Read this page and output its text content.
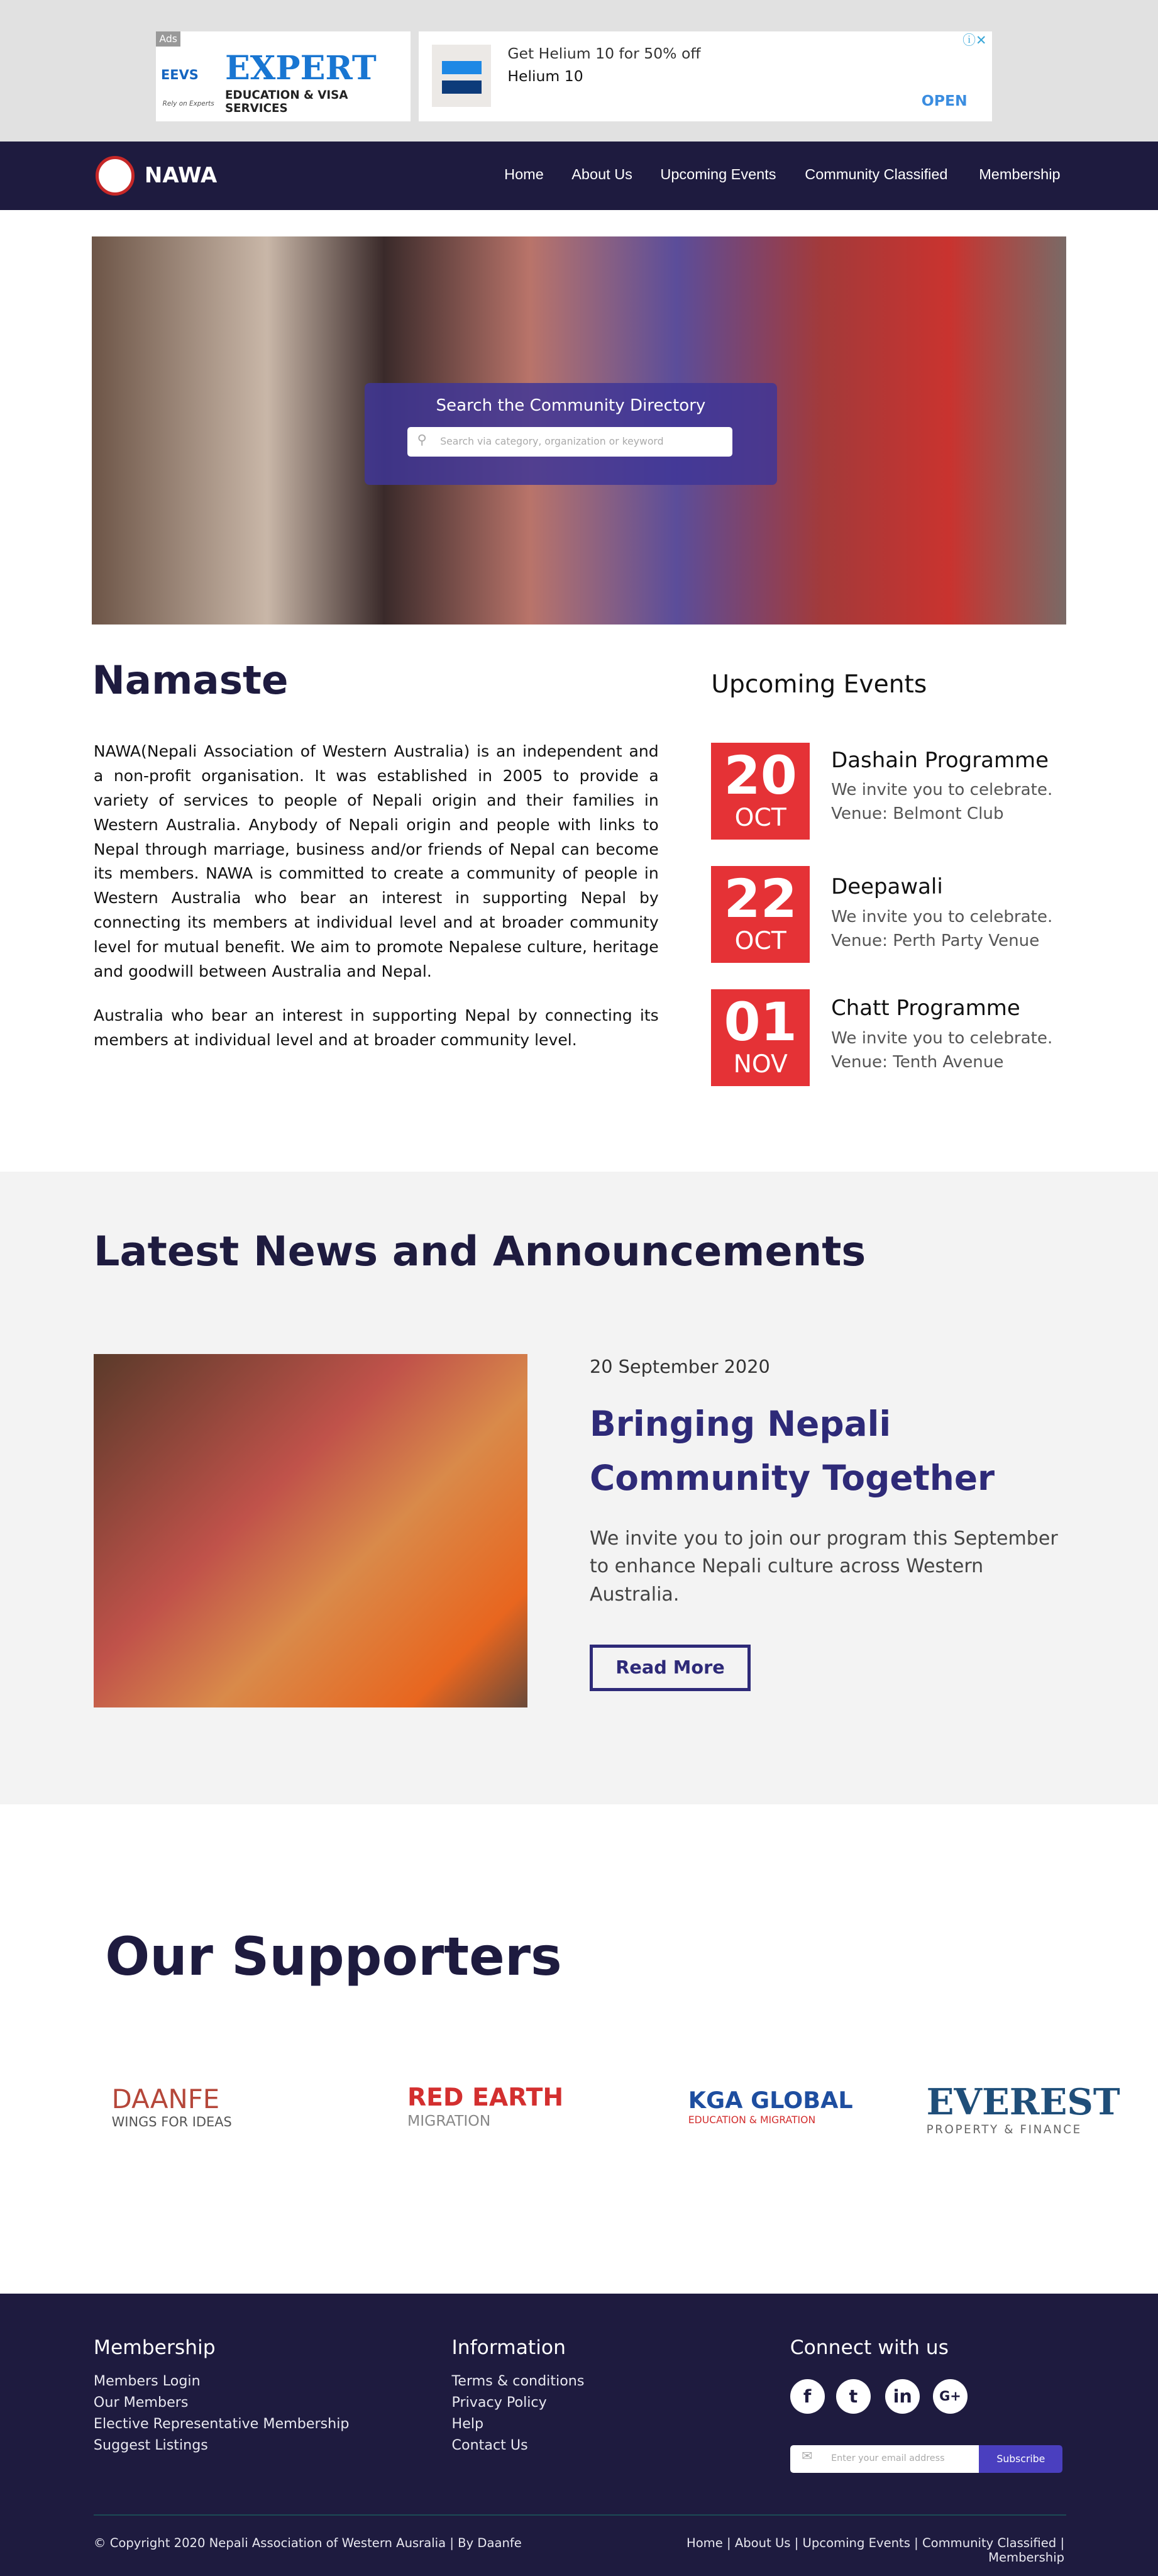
Ads
EEVS EXPERT
EDUCATION & VISA SERVICES
Rely on Experts
Get Helium 10 for 50% off
Helium 10
OPEN
ⓘ✕
NAWA	Home	About Us	Upcoming Events	Community Classified	Membership
Search the Community Directory
⚲	Search via category, organization or keyword
Namaste
NAWA(Nepali Association of Western Australia) is an independent and a non-profit organisation. It was established in 2005 to provide a variety of services to people of Nepali origin and their families in Western Australia. Anybody of Nepali origin and people with links to Nepal through marriage, business and/or friends of Nepal can become its members. NAWA is committed to create a community of people in Western Australia who bear an interest in supporting Nepal by connecting its members at individual level and at broader community level for mutual benefit. We aim to promote Nepalese culture, heritage and goodwill between Australia and Nepal.
Australia who bear an interest in supporting Nepal by connecting its members at individual level and at broader community level.
Upcoming Events
20
OCT
Dashain Programme
We invite you to celebrate.
Venue: Belmont Club
22
OCT
Deepawali
We invite you to celebrate.
Venue: Perth Party Venue
01
NOV
Chatt Programme
We invite you to celebrate.
Venue: Tenth Avenue
Latest News and Announcements
20 September 2020
Bringing Nepali
Community Together
We invite you to join our program this September to enhance Nepali culture across Western Australia.
Read More
Our Supporters
DAANFE
WINGS FOR IDEAS
RED EARTH
MIGRATION
KGA GLOBAL
EDUCATION & MIGRATION	EVEREST
PROPERTY & FINANCE
Membership
Members Login
Our Members
Elective Representative Membership
Suggest Listings
Information
Terms & conditions
Privacy Policy
Help
Contact Us
Connect with us
f	t	in	G+
✉	Enter your email address	Subscribe
© Copyright 2020 Nepali Association of Western Ausralia | By Daanfe	Home | About Us | Upcoming Events | Community Classified | Membership
